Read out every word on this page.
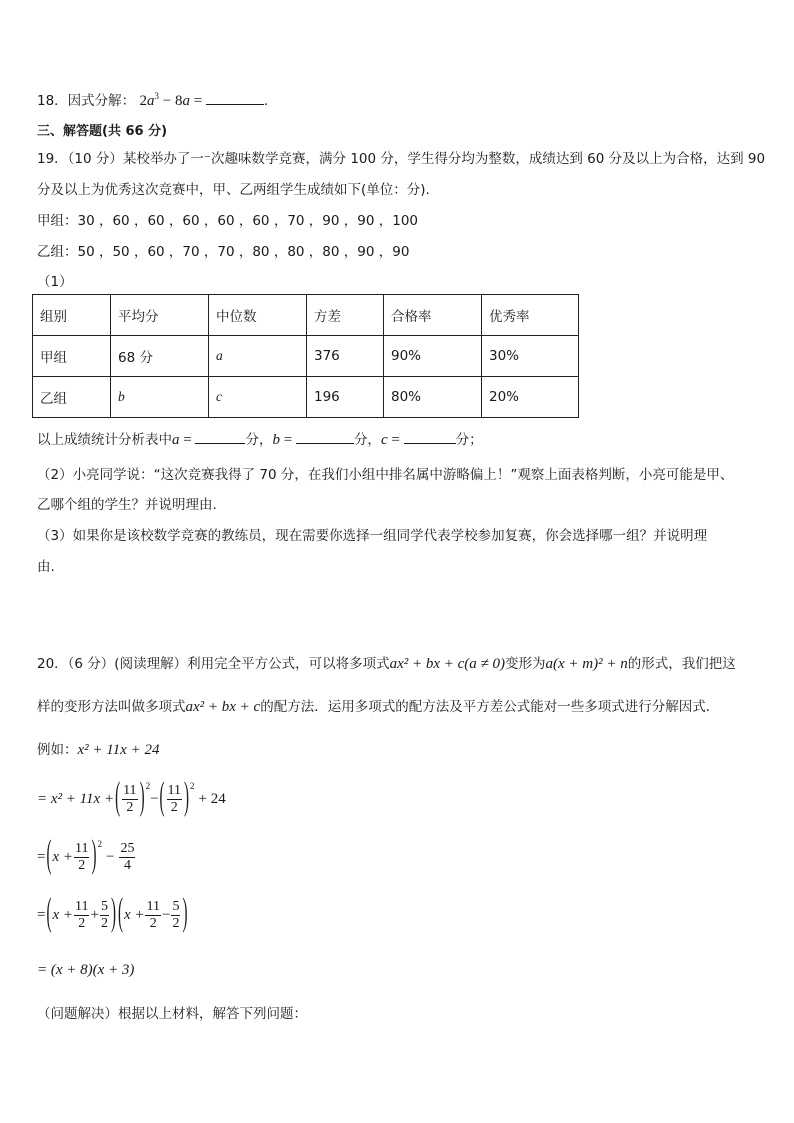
18．因式分解： $2a^3 - 8a$ =	.
三、解答题(共 66 分)
19．（10 分）某校举办了一⁻次趣味数学竞赛，满分 100 分，学生得分均为整数，成绩达到 60 分及以上为合格，达到 90
分及以上为优秀这次竞赛中，甲、乙两组学生成绩如下(单位：分).
甲组：30 ，60 ，60 ，60 ，60 ，60 ，70 ，90 ，90 ，100
乙组：50 ，50 ，60 ，70 ，70 ，80 ，80 ，80 ，90 ，90
（1）
组别	平均分	中位数	方差	合格率	优秀率
甲组	68 分	a	376	90%	30%
乙组	b	c	196	80%	20%
以上成绩统计分析表中a =	分，b =	分，c =	分；
（2）小亮同学说：“这次竞赛我得了 70 分，在我们小组中排名属中游略偏上！”观察上面表格判断，小亮可能是甲、
乙哪个组的学生？并说明理由.
（3）如果你是该校数学竞赛的教练员，现在需要你选择一组同学代表学校参加复赛，你会选择哪一组？并说明理
由.
20．（6 分）(阅读理解）利用完全平方公式，可以将多项式ax² + bx + c(a ≠ 0)变形为a(x + m)² + n的形式，我们把这
样的变形方法叫做多项式ax² + bx + c的配方法．运用多项式的配方法及平方差公式能对一些多项式进行分解因式．
例如：x² + 11x + 24
= x² + 11x + ( $\frac{11}{2}$ ) 2
− ( $\frac{11}{2}$ ) 2
+ 24
= ( $x + \frac{11}{2}$ ) 2
− $\frac{25}{4}$
= ( $x + \frac{11}{2} + \frac{5}{2}$ ) ( $x + \frac{11}{2} - \frac{5}{2}$ )
= (x + 8)(x + 3)
（问题解决）根据以上材料，解答下列问题：
